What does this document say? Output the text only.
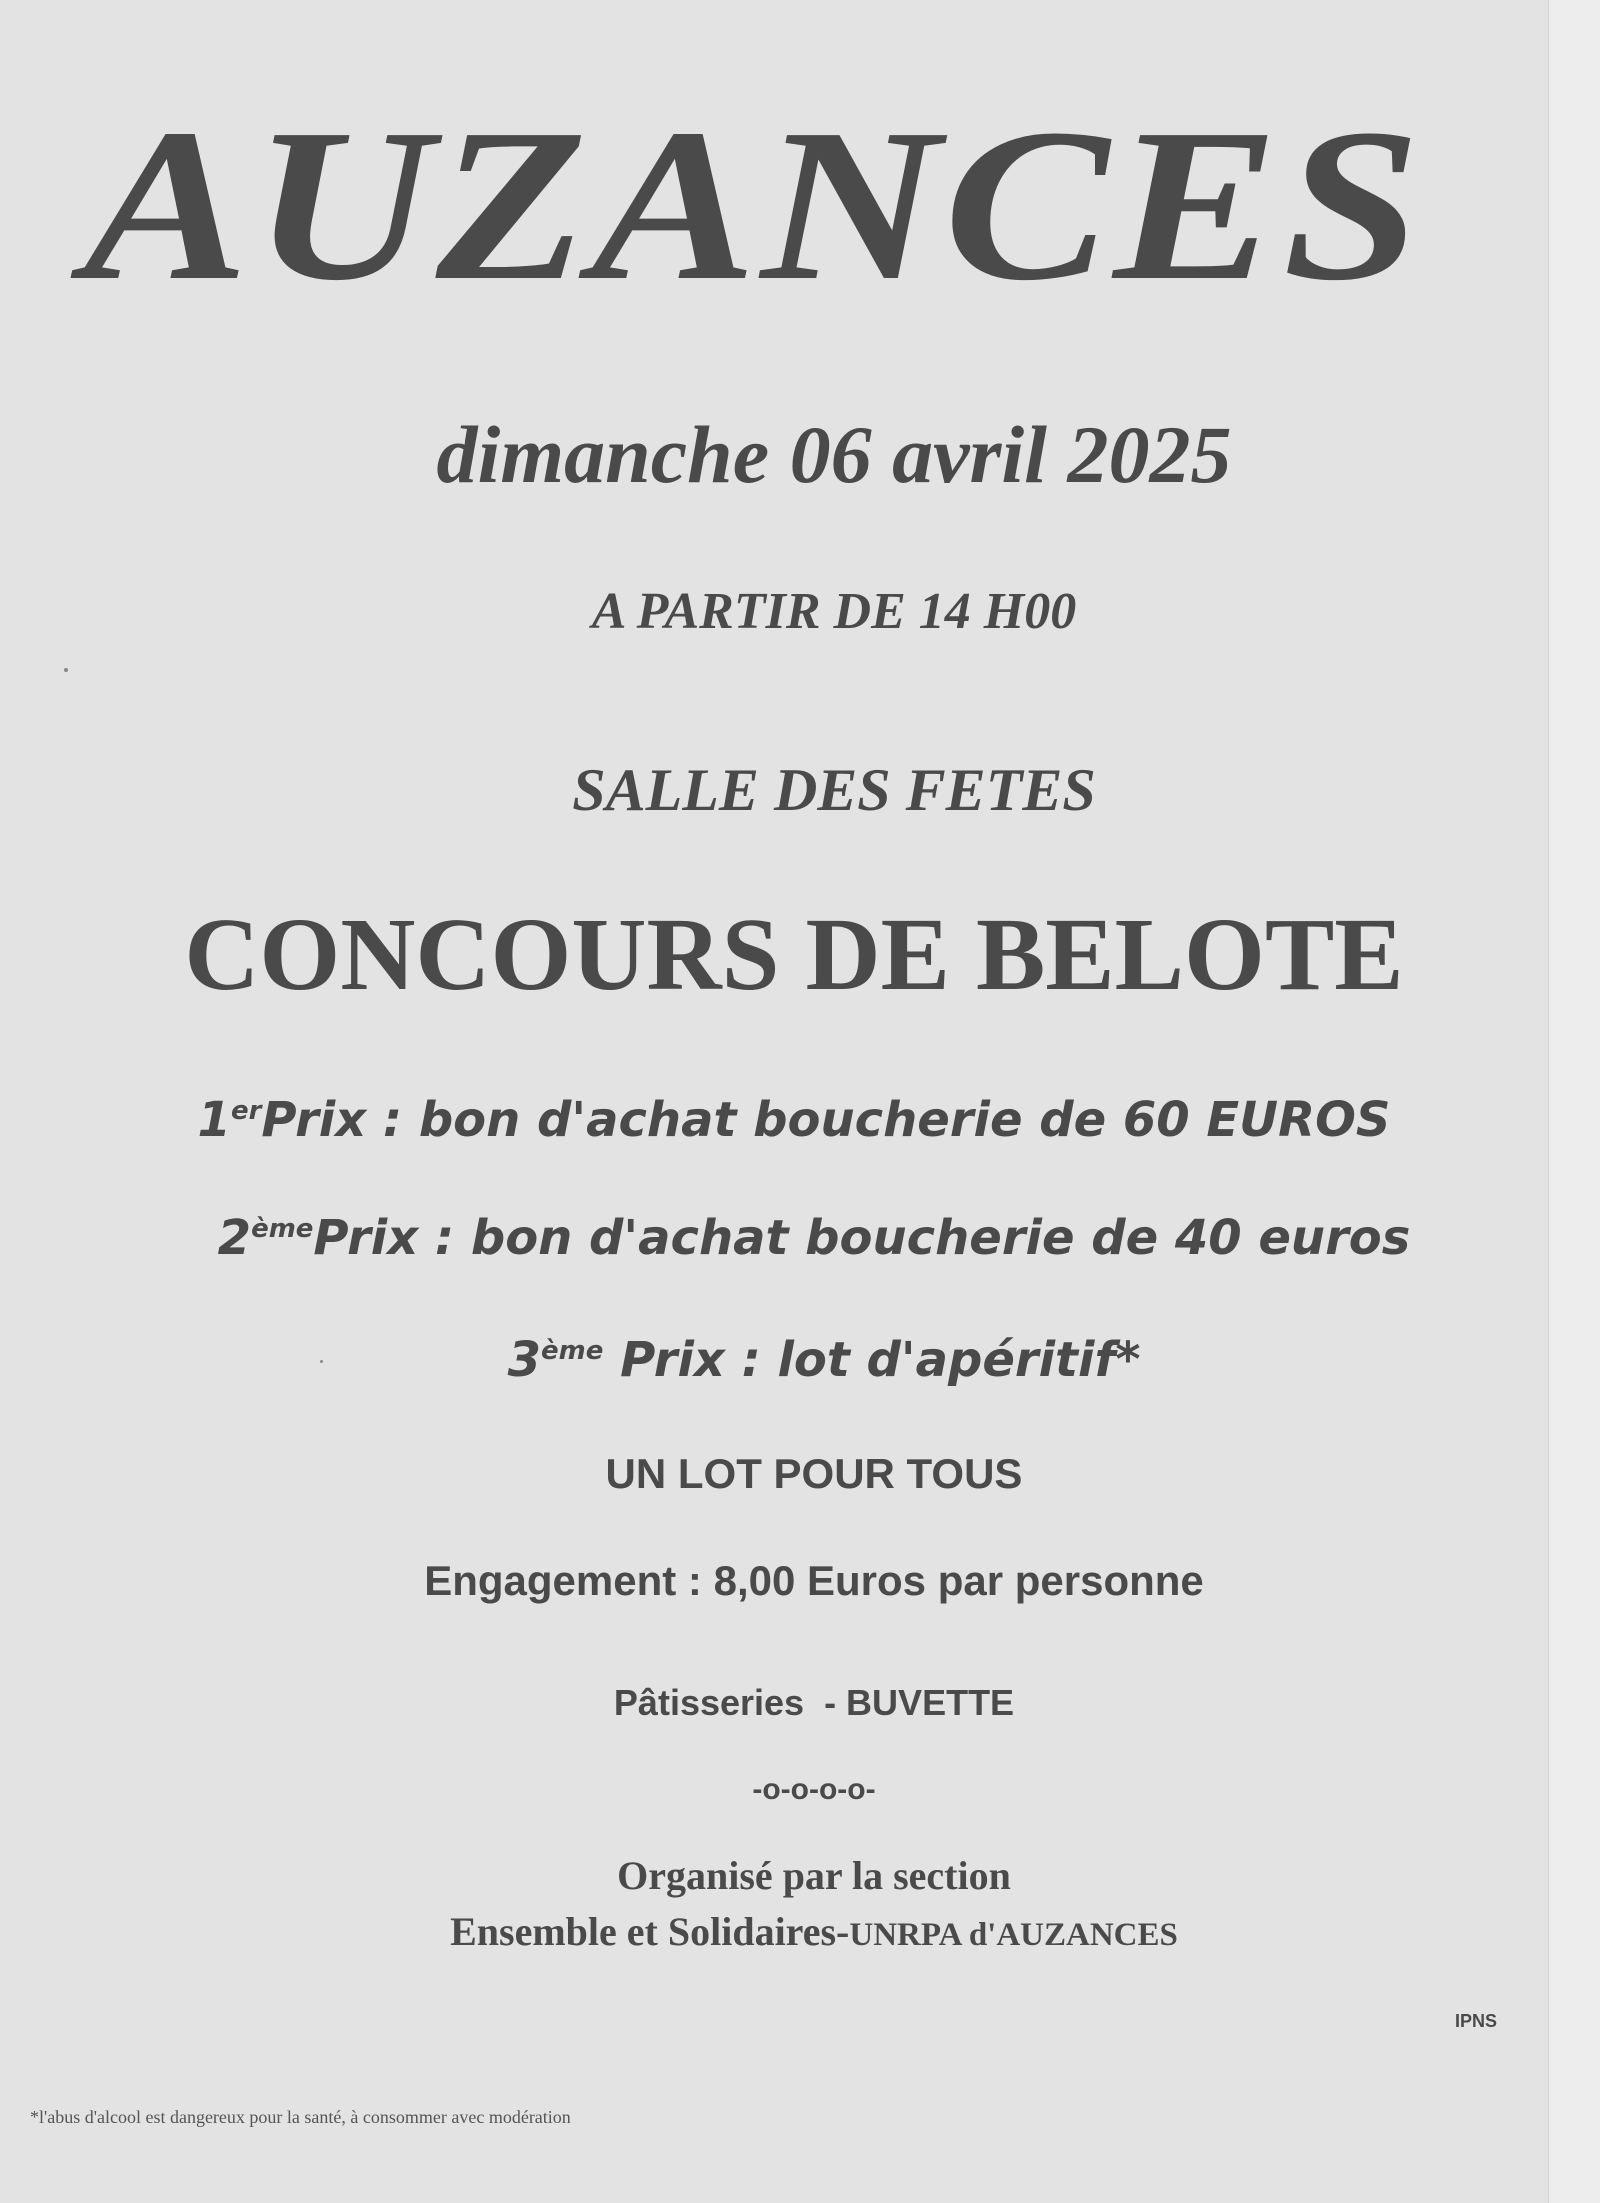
AUZANCES

dimanche 06 avril 2025

A PARTIR DE 14 H00

SALLE DES FETES

CONCOURS DE BELOTE

1erPrix : bon d'achat boucherie de 60 EUROS

2èmePrix : bon d'achat boucherie de 40 euros

3ème Prix : lot d'apéritif*

UN LOT POUR TOUS

Engagement : 8,00 Euros par personne

Pâtisseries  - BUVETTE

-o-o-o-o-

Organisé par la section

Ensemble et Solidaires-UNRPA d'AUZANCES

IPNS

*l'abus d'alcool est dangereux pour la santé, à consommer avec modération
